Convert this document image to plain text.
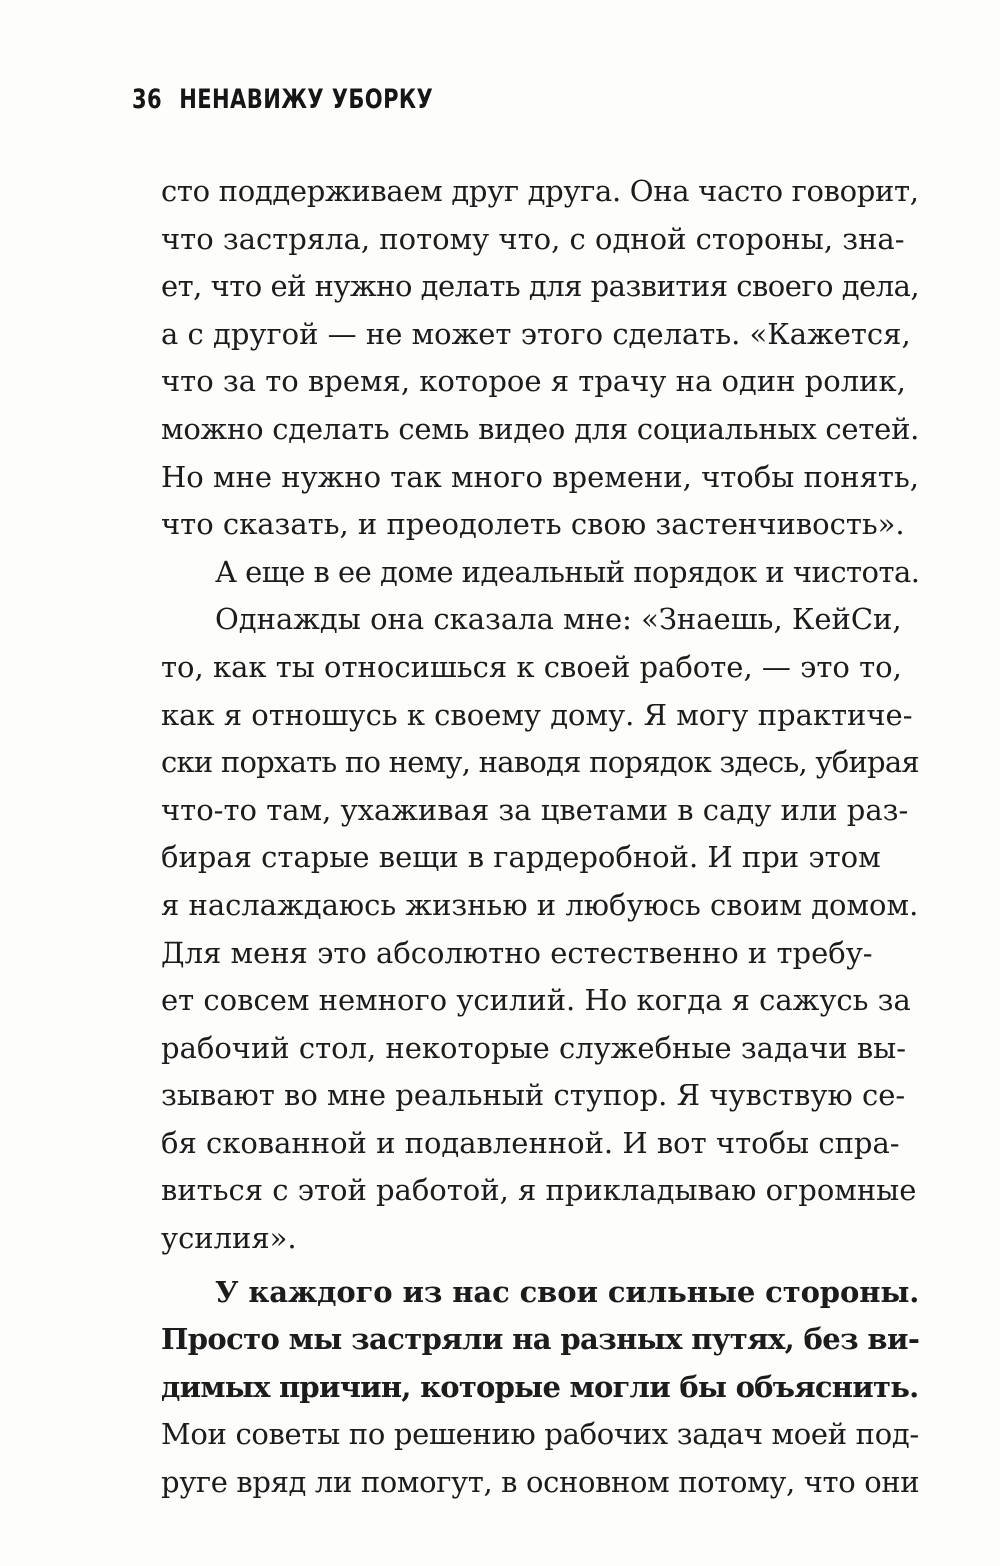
36 НЕНАВИЖУ УБОРКУ
сто поддерживаем друг друга. Она часто говорит,
что застряла, потому что, с одной стороны, зна-
ет, что ей нужно делать для развития своего дела,
а с другой — не может этого сделать. «Кажется,
что за то время, которое я трачу на один ролик,
можно сделать семь видео для социальных сетей.
Но мне нужно так много времени, чтобы понять,
что сказать, и преодолеть свою застенчивость».
А еще в ее доме идеальный порядок и чистота.
Однажды она сказала мне: «Знаешь, КейСи,
то, как ты относишься к своей работе, — это то,
как я отношусь к своему дому. Я могу практиче-
ски порхать по нему, наводя порядок здесь, убирая
что-то там, ухаживая за цветами в саду или раз-
бирая старые вещи в гардеробной. И при этом
я наслаждаюсь жизнью и любуюсь своим домом.
Для меня это абсолютно естественно и требу-
ет совсем немного усилий. Но когда я сажусь за
рабочий стол, некоторые служебные задачи вы-
зывают во мне реальный ступор. Я чувствую се-
бя скованной и подавленной. И вот чтобы спра-
виться с этой работой, я прикладываю огромные
усилия».
У каждого из нас свои сильные стороны.
Просто мы застряли на разных путях, без ви-
димых причин, которые могли бы объяснить.
Мои советы по решению рабочих задач моей под-
руге вряд ли помогут, в основном потому, что они
